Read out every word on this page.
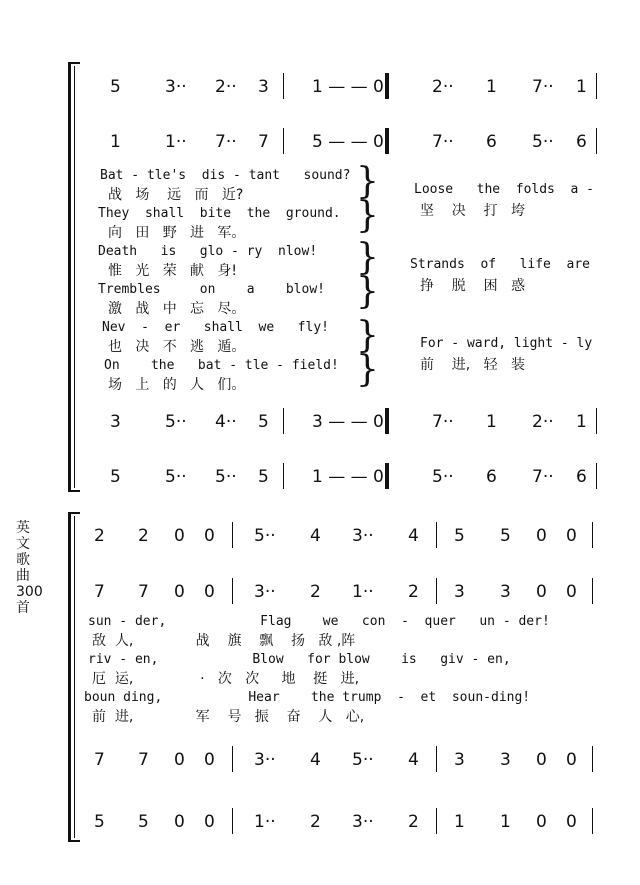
英文歌曲300首
5	3·· 2·· 3	1 — — 0	2·· 1 7·· 1
1	1·· 7·· 7	5 — — 0	7·· 6 5·· 6
3	5·· 4·· 5	3 — — 0	7·· 1 2·· 1
5	5·· 5·· 5	1 — — 0	5·· 6 7·· 6
Bat - tle's  dis - tant   sound?
战   场    远   而   近?
They  shall  bite  the  ground.
向   田   野   进   军。
Death   is   glo - ry  nlow!
惟   光   荣   献   身!
Trembles     on    a    blow!
激   战   中   忘   尽。
Nev  -  er   shall  we   fly!
也   决   不   逃   遁。
On    the   bat - tle - field!
场   上   的   人   们。
}
}
}
}
}
}
Loose   the  folds  a -
坚    决    打   垮
Strands  of   life  are
挣    脱    困   惑
For - ward, light - ly
前    进,   轻   装
2 2 0 0 5·· 4 3·· 4 5 5 0 0
7 7 0 0 3·· 2 1·· 2 3 3 0 0
7 7 0 0 3·· 4 5·· 4 3 3 0 0
5 5 0 0 1·· 2 3·· 2 1 1 0 0
sun - der,            Flag    we   con  -  quer   un - der!
敌  人,              战    旗    飘    扬   敌 ,阵
riv - en,            Blow   for blow    is   giv - en,
厄  运,               ·   次   次     地    挺   进,
boun ding,           Hear    the trump  -  et  soun-ding!
前  进,              军    号   振    奋    人   心,
